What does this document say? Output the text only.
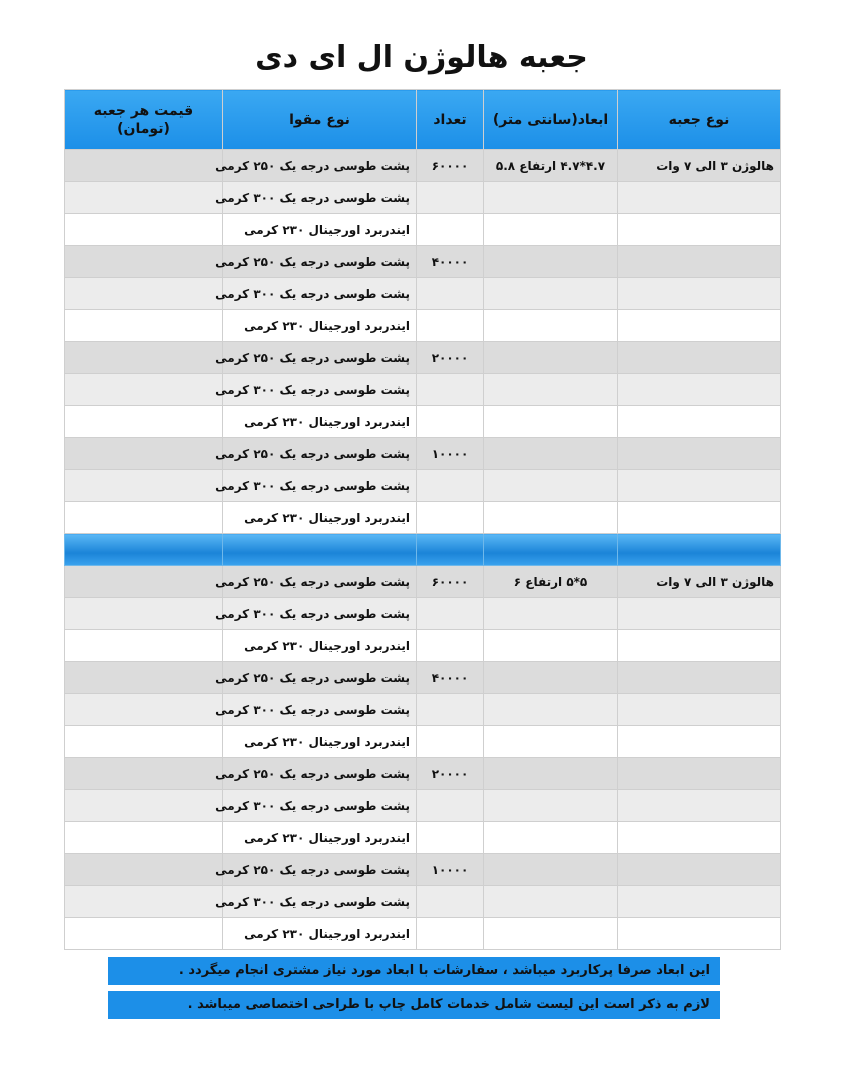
جعبه هالوژن ال ای دی
نوع جعبه	ابعاد(سانتی متر)	تعداد	نوع مقوا	قیمت هر جعبه (تومان)
هالوژن ۳ الی ۷ وات	۴.۷*۴.۷ ارتفاع ۵.۸	۶۰۰۰۰	پشت طوسی درجه یک ۲۵۰ کرمی	
			پشت طوسی درجه یک ۳۰۰ کرمی	
			ایندربرد اورجینال ۲۳۰ کرمی	
		۴۰۰۰۰	پشت طوسی درجه یک ۲۵۰ کرمی	
			پشت طوسی درجه یک ۳۰۰ کرمی	
			ایندربرد اورجینال ۲۳۰ کرمی	
		۲۰۰۰۰	پشت طوسی درجه یک ۲۵۰ کرمی	
			پشت طوسی درجه یک ۳۰۰ کرمی	
			ایندربرد اورجینال ۲۳۰ کرمی	
		۱۰۰۰۰	پشت طوسی درجه یک ۲۵۰ کرمی	
			پشت طوسی درجه یک ۳۰۰ کرمی	
			ایندربرد اورجینال ۲۳۰ کرمی	

هالوژن ۳ الی ۷ وات	۵*۵ ارتفاع ۶	۶۰۰۰۰	پشت طوسی درجه یک ۲۵۰ کرمی	
			پشت طوسی درجه یک ۳۰۰ کرمی	
			ایندربرد اورجینال ۲۳۰ کرمی	
		۴۰۰۰۰	پشت طوسی درجه یک ۲۵۰ کرمی	
			پشت طوسی درجه یک ۳۰۰ کرمی	
			ایندربرد اورجینال ۲۳۰ کرمی	
		۲۰۰۰۰	پشت طوسی درجه یک ۲۵۰ کرمی	
			پشت طوسی درجه یک ۳۰۰ کرمی	
			ایندربرد اورجینال ۲۳۰ کرمی	
		۱۰۰۰۰	پشت طوسی درجه یک ۲۵۰ کرمی	
			پشت طوسی درجه یک ۳۰۰ کرمی	
			ایندربرد اورجینال ۲۳۰ کرمی	
این ابعاد صرفا پرکاربرد میباشد ، سفارشات با ابعاد مورد نیاز مشتری انجام میگردد .
لازم به ذکر است این لیست شامل خدمات کامل چاپ با طراحی اختصاصی میباشد .
